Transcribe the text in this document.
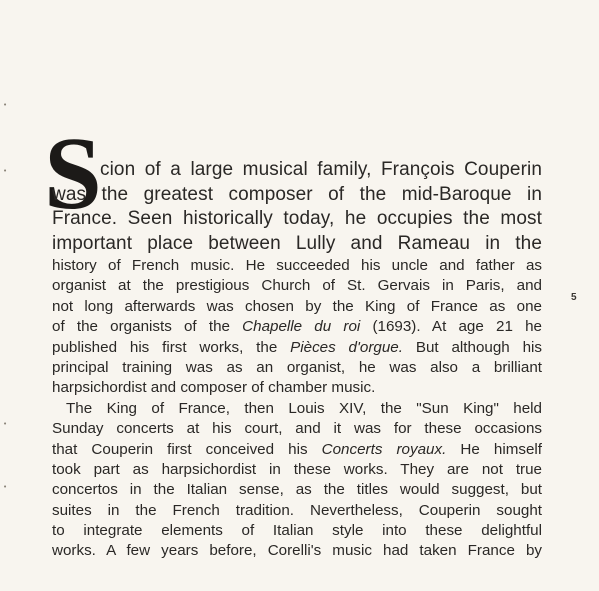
•
•
•
•
S
cion of a large musical family, François Couperin
was the greatest composer of the mid-Baroque in
France. Seen historically today, he occupies the most
important place between Lully and Rameau in the
history of French music. He succeeded his uncle and father as
organist at the prestigious Church of St. Gervais in Paris, and
not long afterwards was chosen by the King of France as one
of the organists of the Chapelle du roi (1693). At age 21 he
published his first works, the Pièces d'orgue. But although his
principal training was as an organist, he was also a brilliant
harpsichordist and composer of chamber music.
The King of France, then Louis XIV, the "Sun King" held
Sunday concerts at his court, and it was for these occasions
that Couperin first conceived his Concerts royaux. He himself
took part as harpsichordist in these works. They are not true
concertos in the Italian sense, as the titles would suggest, but
suites in the French tradition. Nevertheless, Couperin sought
to integrate elements of Italian style into these delightful
works. A few years before, Corelli's music had taken France by
5
